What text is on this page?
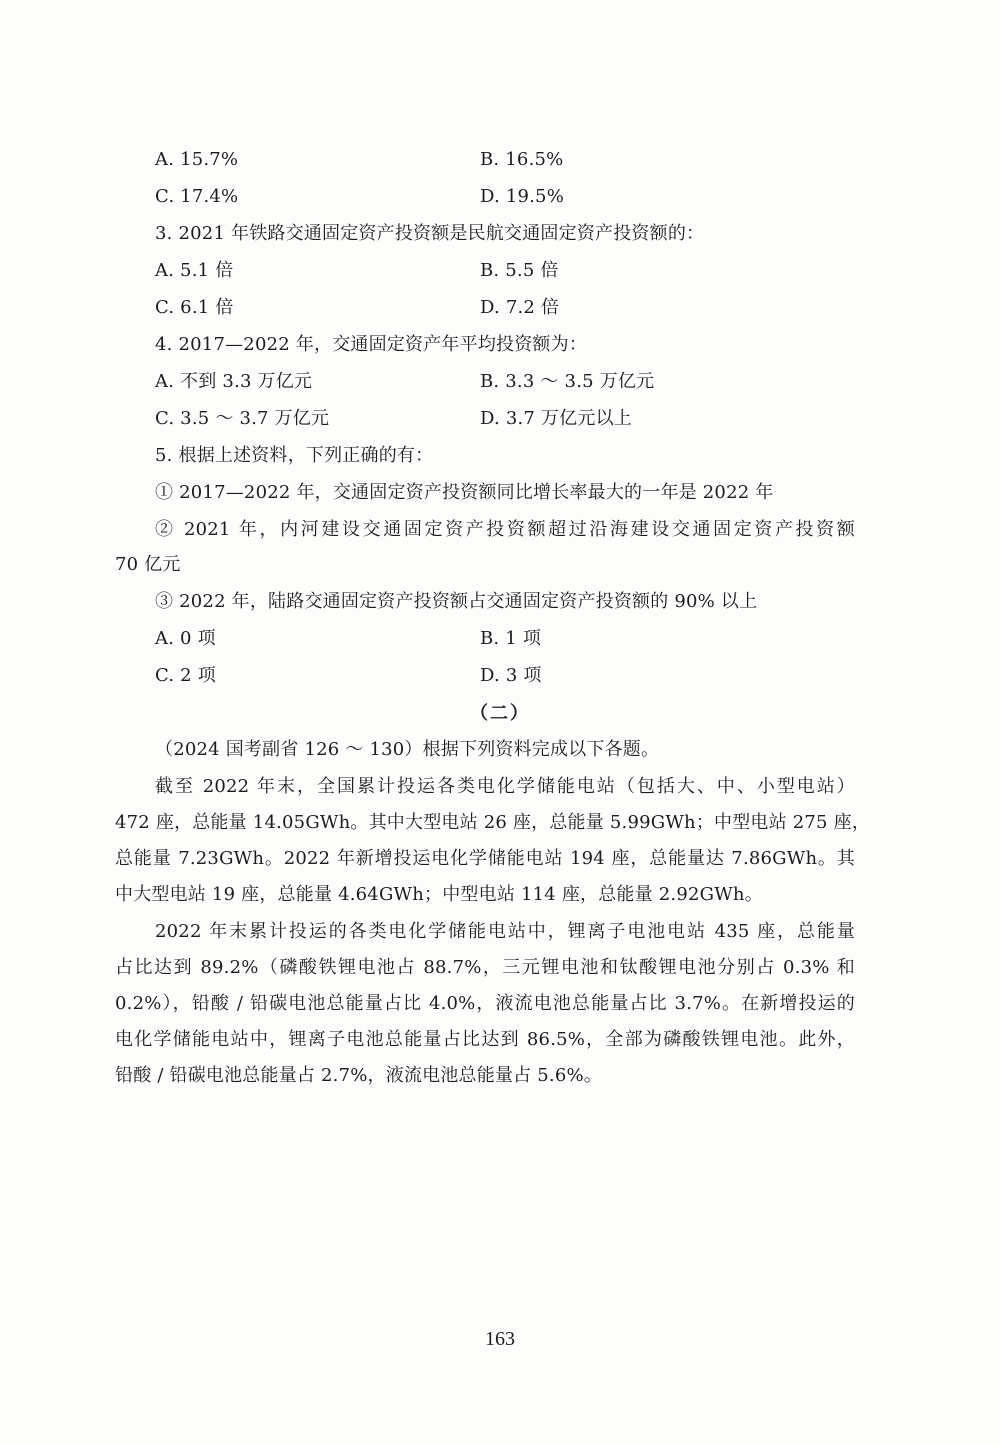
A. 15.7%	B. 16.5%
C. 17.4%	D. 19.5%
3. 2021 年铁路交通固定资产投资额是民航交通固定资产投资额的：
A. 5.1 倍	B. 5.5 倍
C. 6.1 倍	D. 7.2 倍
4. 2017—2022 年，交通固定资产年平均投资额为：
A. 不到 3.3 万亿元	B. 3.3 ～ 3.5 万亿元
C. 3.5 ～ 3.7 万亿元	D. 3.7 万亿元以上
5. 根据上述资料，下列正确的有：
① 2017—2022 年，交通固定资产投资额同比增长率最大的一年是 2022 年
② 2021 年，内河建设交通固定资产投资额超过沿海建设交通固定资产投资额
70 亿元
③ 2022 年，陆路交通固定资产投资额占交通固定资产投资额的 90% 以上
A. 0 项	B. 1 项
C. 2 项	D. 3 项
（二）
（2024 国考副省 126 ～ 130）根据下列资料完成以下各题。
截至 2022 年末，全国累计投运各类电化学储能电站（包括大、中、小型电站）
472 座，总能量 14.05GWh。其中大型电站 26 座，总能量 5.99GWh；中型电站 275 座，
总能量 7.23GWh。2022 年新增投运电化学储能电站 194 座，总能量达 7.86GWh。其
中大型电站 19 座，总能量 4.64GWh；中型电站 114 座，总能量 2.92GWh。
2022 年末累计投运的各类电化学储能电站中，锂离子电池电站 435 座，总能量
占比达到 89.2%（磷酸铁锂电池占 88.7%，三元锂电池和钛酸锂电池分别占 0.3% 和
0.2%），铅酸 / 铅碳电池总能量占比 4.0%，液流电池总能量占比 3.7%。在新增投运的
电化学储能电站中，锂离子电池总能量占比达到 86.5%，全部为磷酸铁锂电池。此外，
铅酸 / 铅碳电池总能量占 2.7%，液流电池总能量占 5.6%。
163
